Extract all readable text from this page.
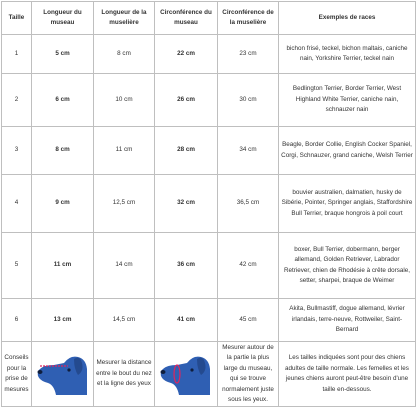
Taille	Longueur du museau	Longueur de la muselière	Circonférence du museau	Circonférence de la muselière	Exemples de races
1	5 cm	8 cm	22 cm	23 cm	bichon frisé, teckel, bichon maltais, caniche nain, Yorkshire Terrier, teckel nain
2	6 cm	10 cm	26 cm	30 cm	Bedlington Terrier, Border Terrier, West Highland White Terrier, caniche nain, schnauzer nain
3	8 cm	11 cm	28 cm	34 cm	Beagle, Border Collie, English Cocker Spaniel, Corgi, Schnauzer, grand caniche, Welsh Terrier
4	9 cm	12,5 cm	32 cm	36,5 cm	bouvier australien, dalmatien, husky de Sibérie, Pointer, Springer anglais, Staffordshire Bull Terrier, braque hongrois à poil court
5	11 cm	14 cm	36 cm	42 cm	boxer, Bull Terrier, dobermann, berger allemand, Golden Retriever, Labrador Retriever, chien de Rhodésie à crête dorsale, setter, sharpei, braque de Weimer
6	13 cm	14,5 cm	41 cm	45 cm	Akita, Bullmastiff, dogue allemand, lévrier irlandais, terre-neuve, Rottweiler, Saint-Bernard
Conseils pour la prise de mesures		Mesurer la distance entre le bout du nez et la ligne des yeux		Mesurer autour de la partie la plus large du museau, qui se trouve normalement juste sous les yeux.	Les tailles indiquées sont pour des chiens adultes de taille normale. Les femelles et les jeunes chiens auront peut-être besoin d'une taille en-dessous.
